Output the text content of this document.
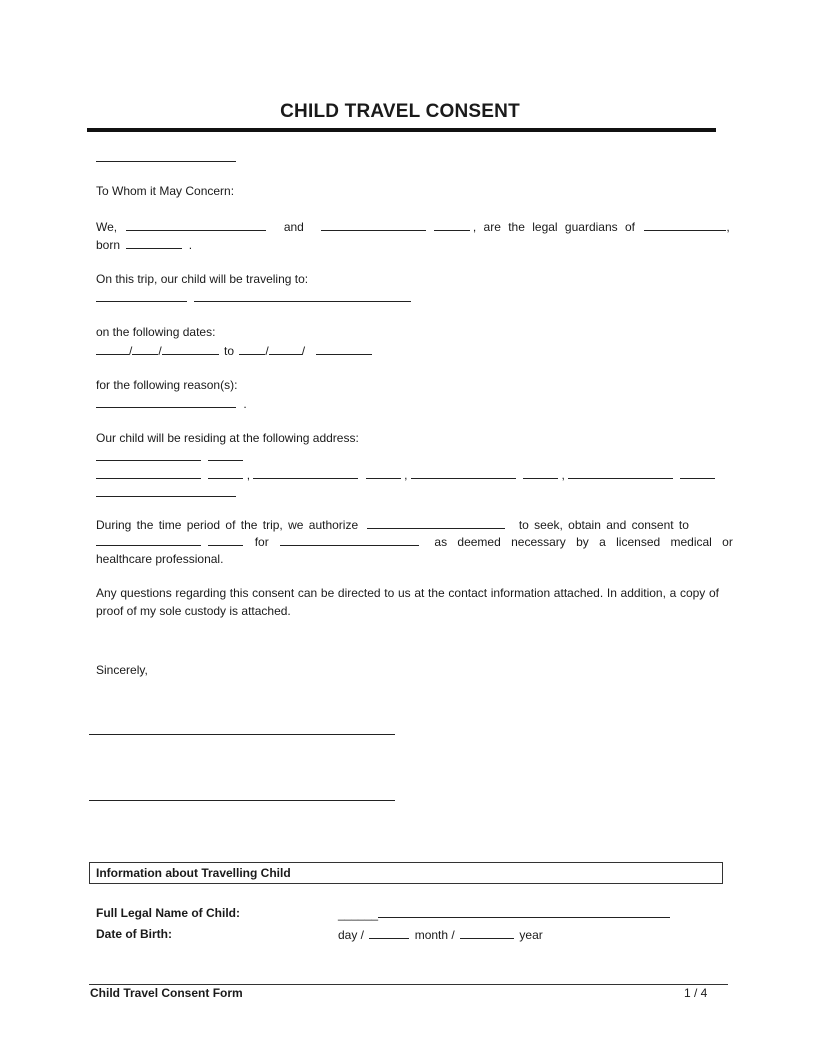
CHILD TRAVEL CONSENT
To Whom it May Concern:
We,	and	, are the legal guardians of	,
born	.
On this trip, our child will be traveling to:

on the following dates:
/ /	to	/	/
for the following reason(s):
.
Our child will be residing at the following address:

,	,	,
During the time period of the trip, we authorize	to seek, obtain and consent to
for	as deemed necessary by a licensed medical or
healthcare professional.
Any questions regarding this consent can be directed to us at the contact information attached. In addition, a copy of proof of my sole custody is attached.
Sincerely,
Information about Travelling Child
Full Legal Name of Child:	______
Date of Birth:	day /	month /	year
Child Travel Consent Form	1 / 4
